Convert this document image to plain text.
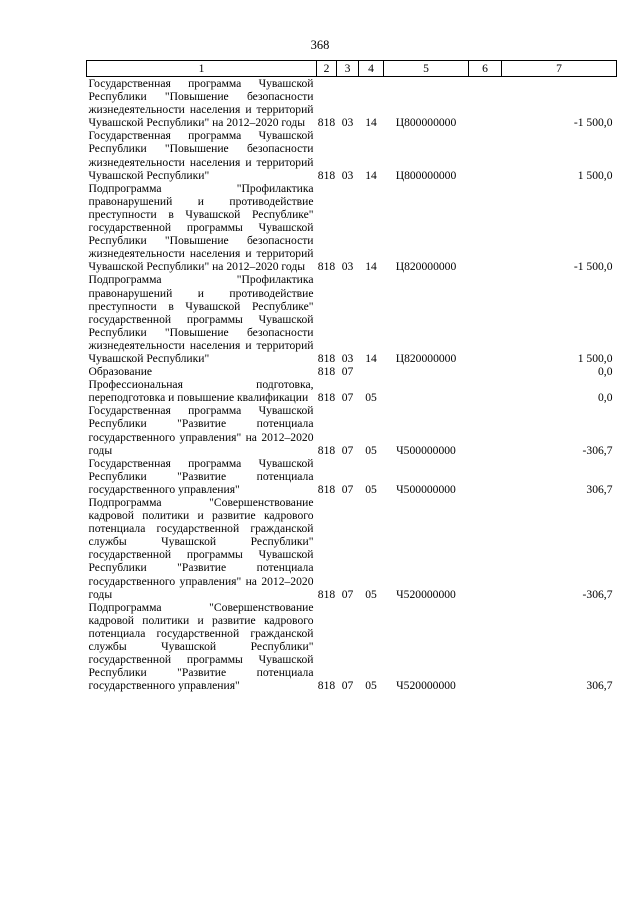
368
1	2	3	4	5	6	7
Государственная программа Чувашской Республики "Повышение безопасности жизнедеятельности населения и территорий Чувашской Республики" на 2012–2020 годы	818	03	14	Ц800000000		-1 500,0
Государственная программа Чувашской Республики "Повышение безопасности жизнедеятельности населения и территорий Чувашской Республики"	818	03	14	Ц800000000		1 500,0
Подпрограмма "Профилактика правонарушений и противодействие преступности в Чувашской Республике" государственной программы Чувашской Республики "Повышение безопасности жизнедеятельности населения и территорий Чувашской Республики" на 2012–2020 годы	818	03	14	Ц820000000		-1 500,0
Подпрограмма "Профилактика правонарушений и противодействие преступности в Чувашской Республике" государственной программы Чувашской Республики "Повышение безопасности жизнедеятельности населения и территорий Чувашской Республики"	818	03	14	Ц820000000		1 500,0
Образование	818	07				0,0
Профессиональная подготовка, переподготовка и повышение квалификации	818	07	05			0,0
Государственная программа Чувашской Республики "Развитие потенциала государственного управления" на 2012–2020 годы	818	07	05	Ч500000000		-306,7
Государственная программа Чувашской Республики "Развитие потенциала государственного управления"	818	07	05	Ч500000000		306,7
Подпрограмма "Совершенствование кадровой политики и развитие кадрового потенциала государственной гражданской службы Чувашской Республики" государственной программы Чувашской Республики "Развитие потенциала государственного управления" на 2012–2020 годы	818	07	05	Ч520000000		-306,7
Подпрограмма "Совершенствование кадровой политики и развитие кадрового потенциала государственной гражданской службы Чувашской Республики" государственной программы Чувашской Республики "Развитие потенциала государственного управления"	818	07	05	Ч520000000		306,7
